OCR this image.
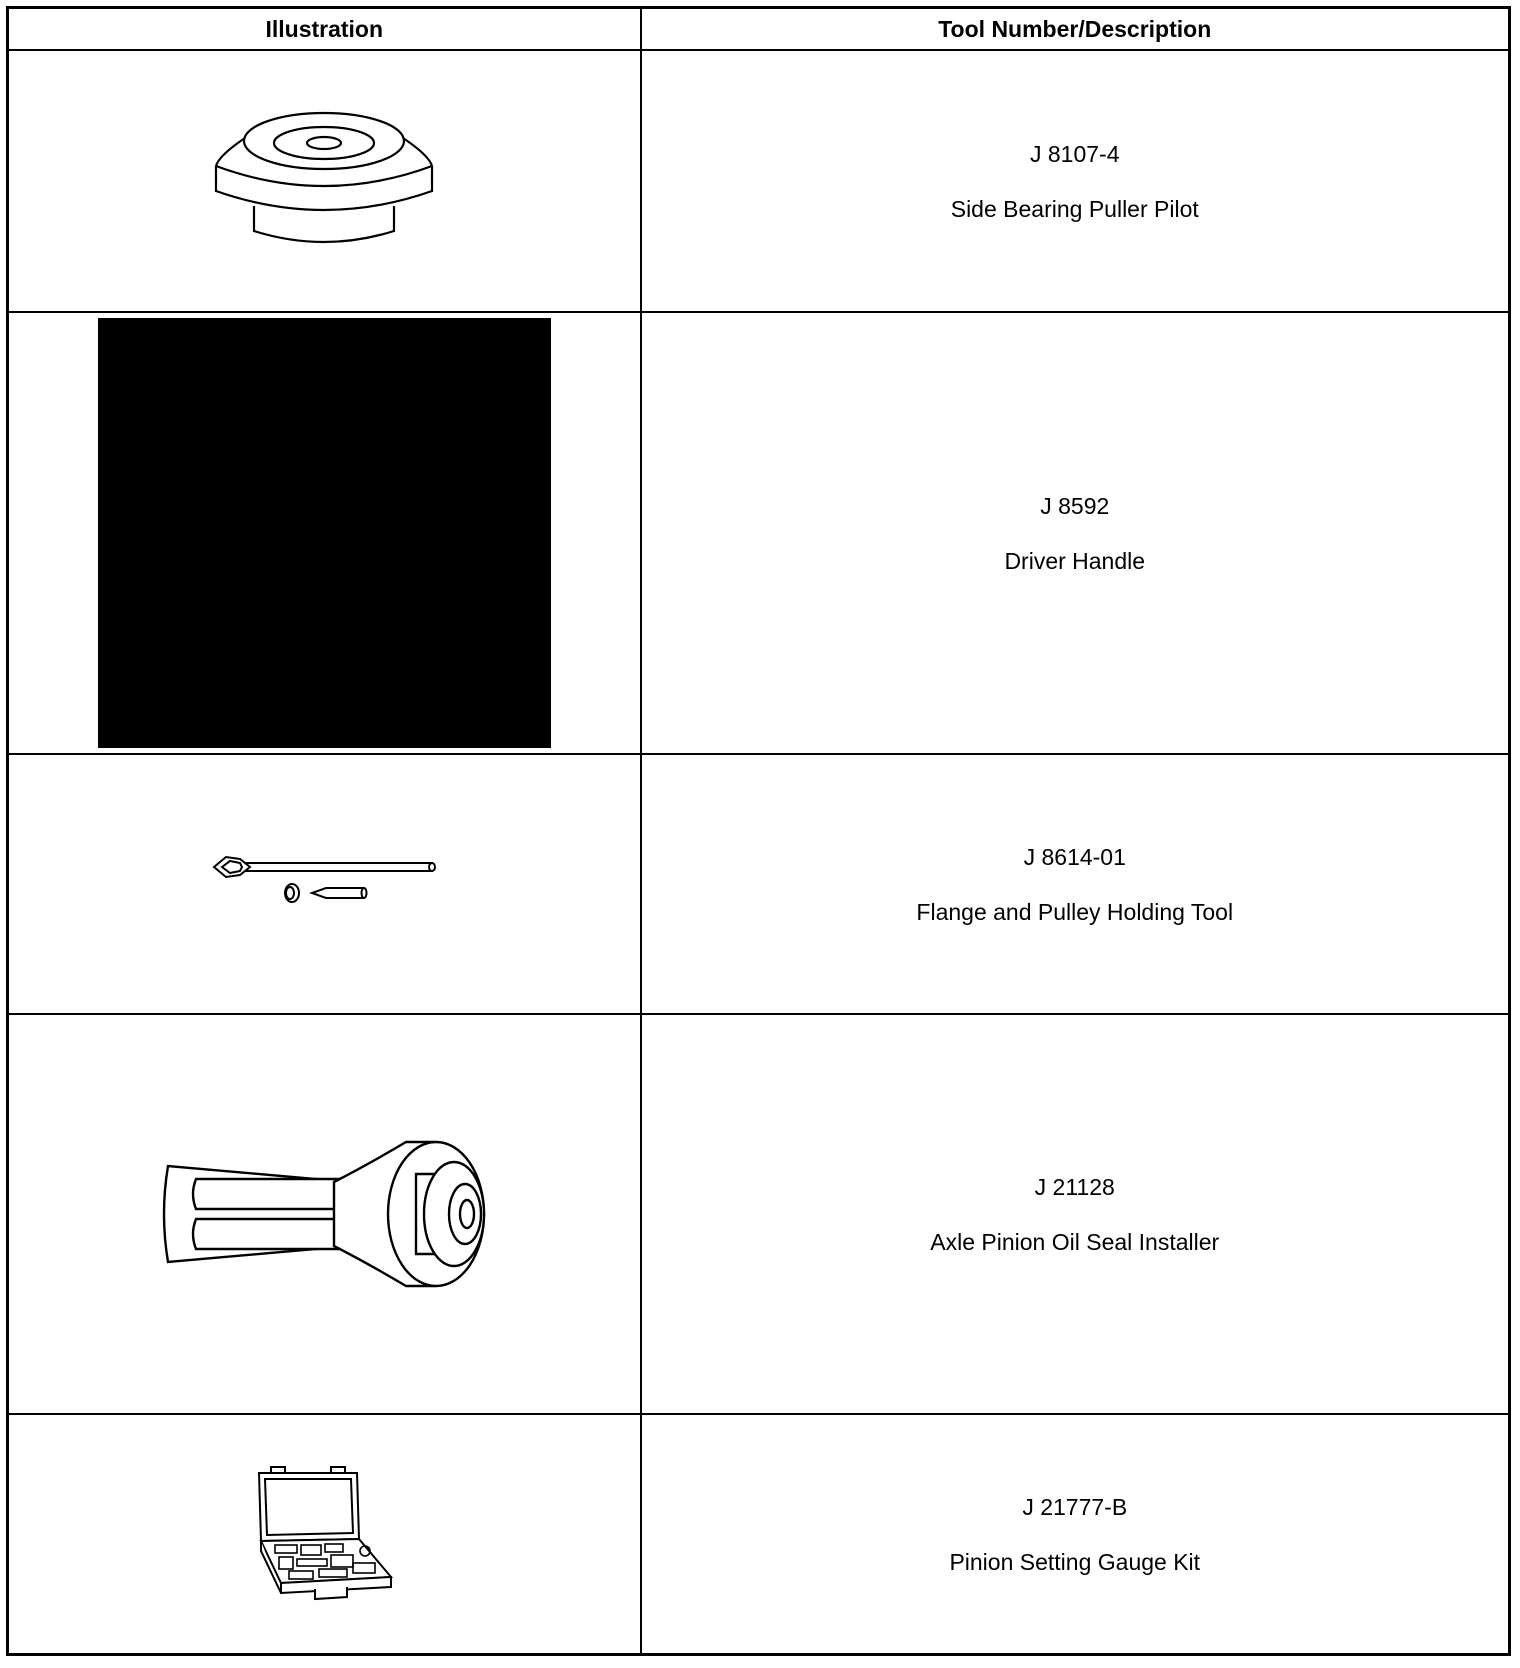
Illustration	Tool Number/Description

J 8107-4
Side Bearing Puller Pilot

	J 8592
Driver Handle

J 8614-01
Flange and Pulley Holding Tool

J 21128
Axle Pinion Oil Seal Installer

J 21777-B
Pinion Setting Gauge Kit
